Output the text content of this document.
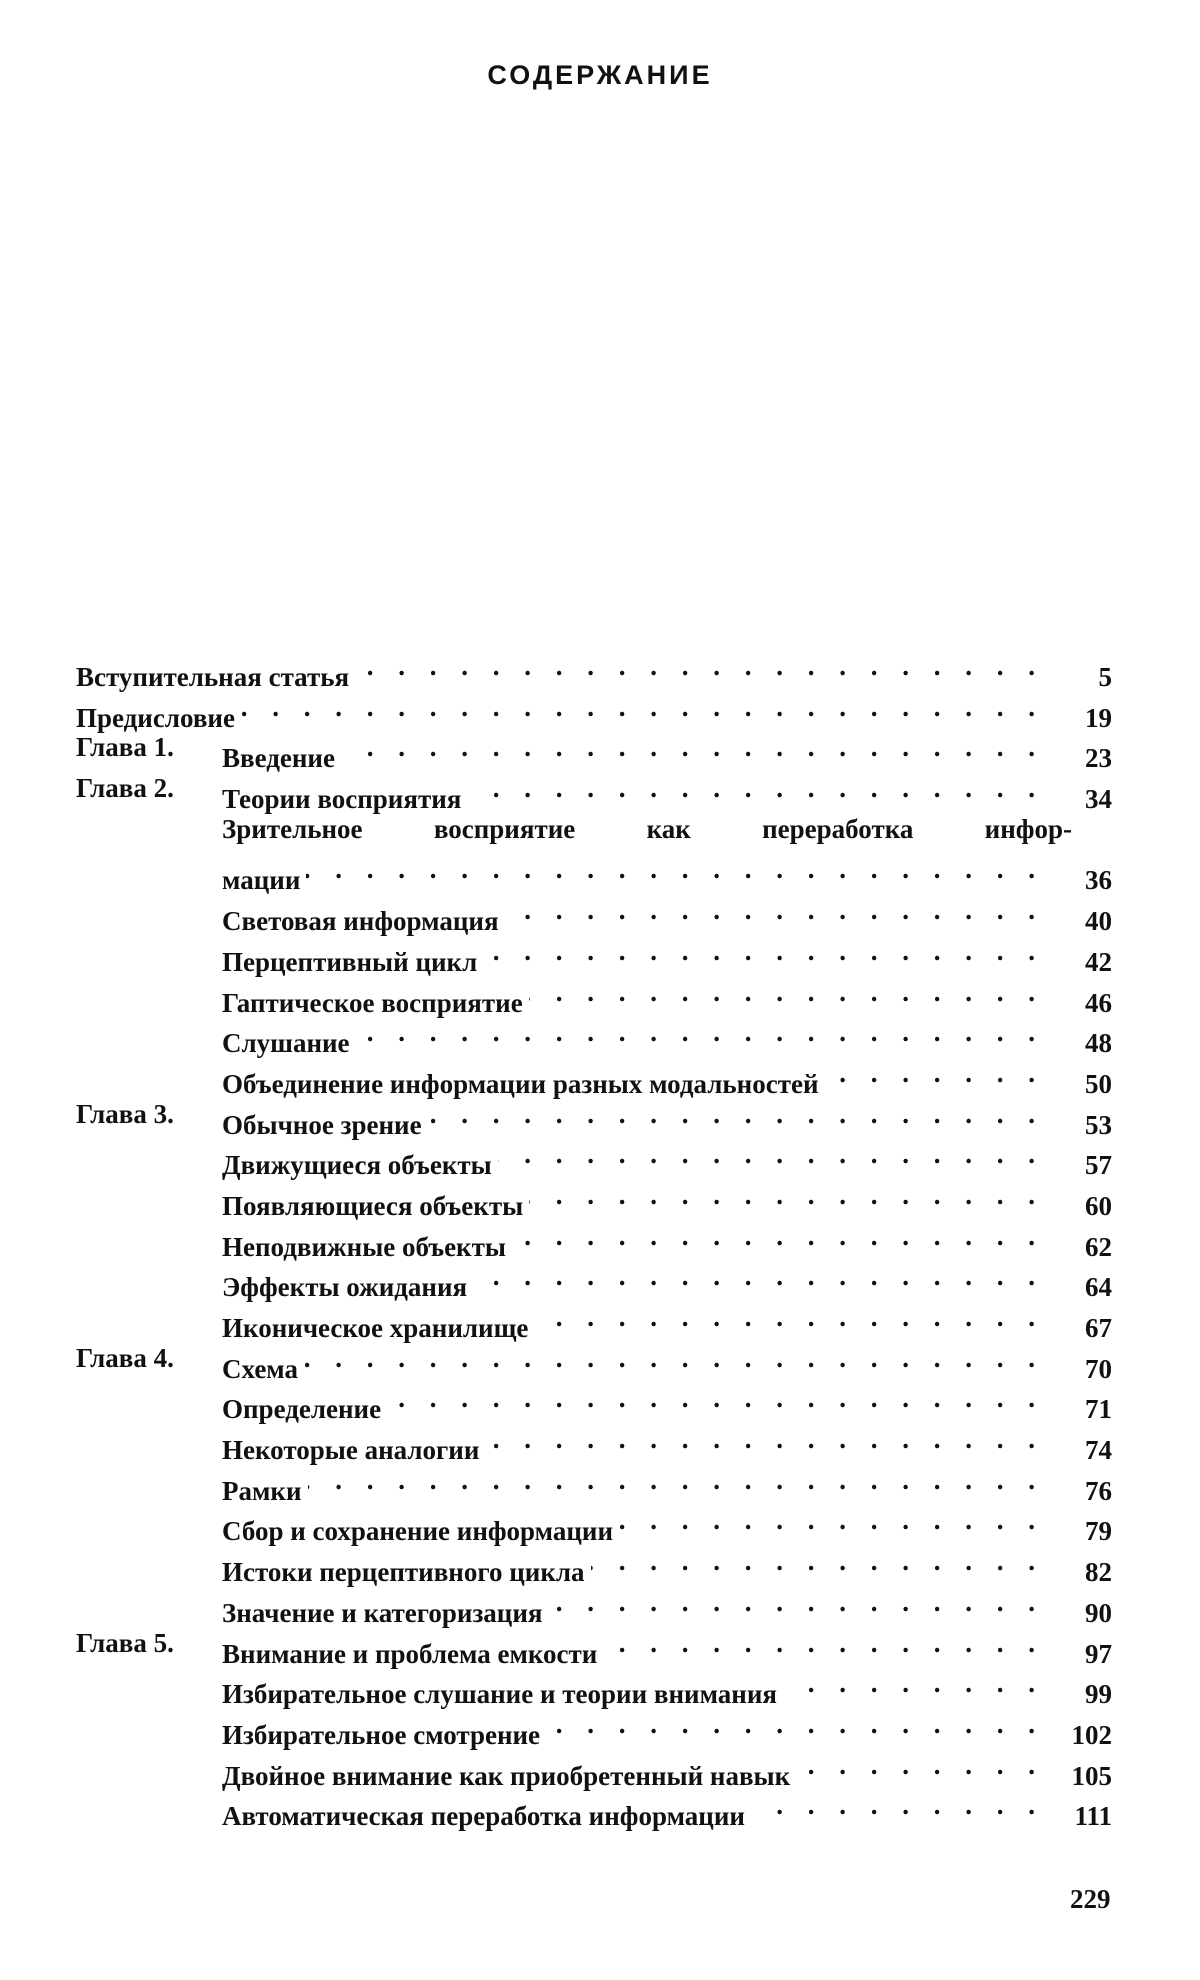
СОДЕРЖАНИЕ
Вступительная статья . . .	5
Предисловие . . .	19
Глава 1.	Введение . . .	23
Глава 2.	Теории восприятия . . .	34
Зрительное восприятие как переработка инфор-
мации . . .	36
Световая информация . . .	40
Перцептивный цикл . . .	42
Гаптическое восприятие . . .	46
Слушание . . .	48
Объединение информации разных модальностей . . .	50
Глава 3.	Обычное зрение . . .	53
Движущиеся объекты . . .	57
Появляющиеся объекты . . .	60
Неподвижные объекты . . .	62
Эффекты ожидания . . .	64
Иконическое хранилище . . .	67
Глава 4.	Схема . . .	70
Определение . . .	71
Некоторые аналогии . . .	74
Рамки . . .	76
Сбор и сохранение информации . . .	79
Истоки перцептивного цикла . . .	82
Значение и категоризация . . .	90
Глава 5.	Внимание и проблема емкости . . .	97
Избирательное слушание и теории внимания . . .	99
Избирательное смотрение . . .	102
Двойное внимание как приобретенный навык . . .	105
Автоматическая переработка информации . . .	111
229
